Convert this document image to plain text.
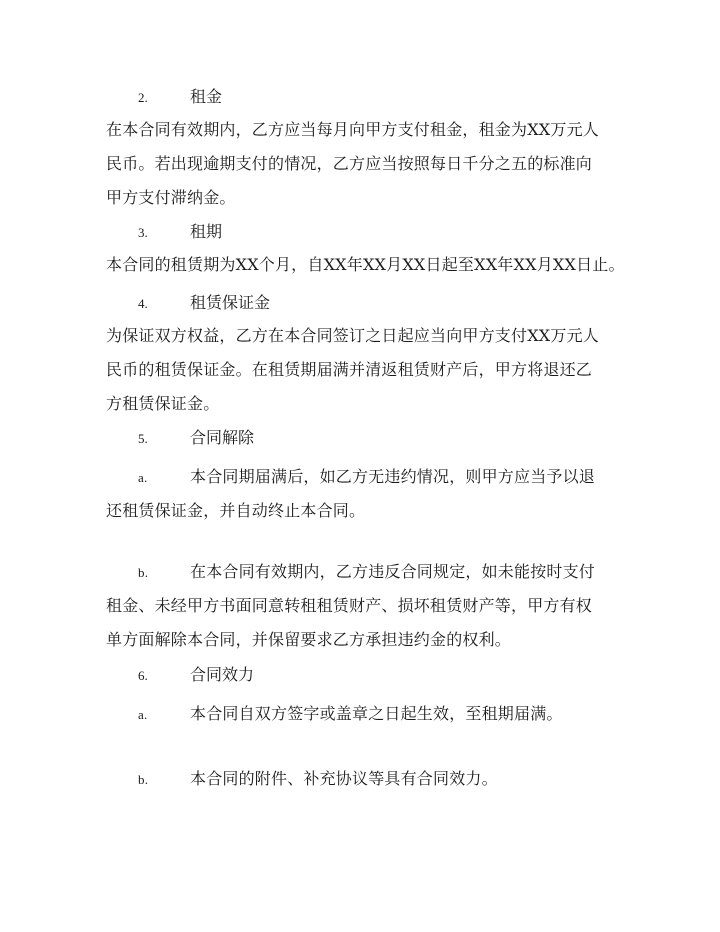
2.	租金
在本合同有效期内，乙方应当每月向甲方支付租金，租金为XX万元人
民币。若出现逾期支付的情况，乙方应当按照每日千分之五的标准向
甲方支付滞纳金。
3.	租期
本合同的租赁期为XX个月，自XX年XX月XX日起至XX年XX月XX日止。
4.	租赁保证金
为保证双方权益，乙方在本合同签订之日起应当向甲方支付XX万元人
民币的租赁保证金。在租赁期届满并清返租赁财产后，甲方将退还乙
方租赁保证金。
5.	合同解除
a.	本合同期届满后，如乙方无违约情况，则甲方应当予以退
还租赁保证金，并自动终止本合同。
b.	在本合同有效期内，乙方违反合同规定，如未能按时支付
租金、未经甲方书面同意转租租赁财产、损坏租赁财产等，甲方有权
单方面解除本合同，并保留要求乙方承担违约金的权利。
6.	合同效力
a.	本合同自双方签字或盖章之日起生效，至租期届满。
b.	本合同的附件、补充协议等具有合同效力。
